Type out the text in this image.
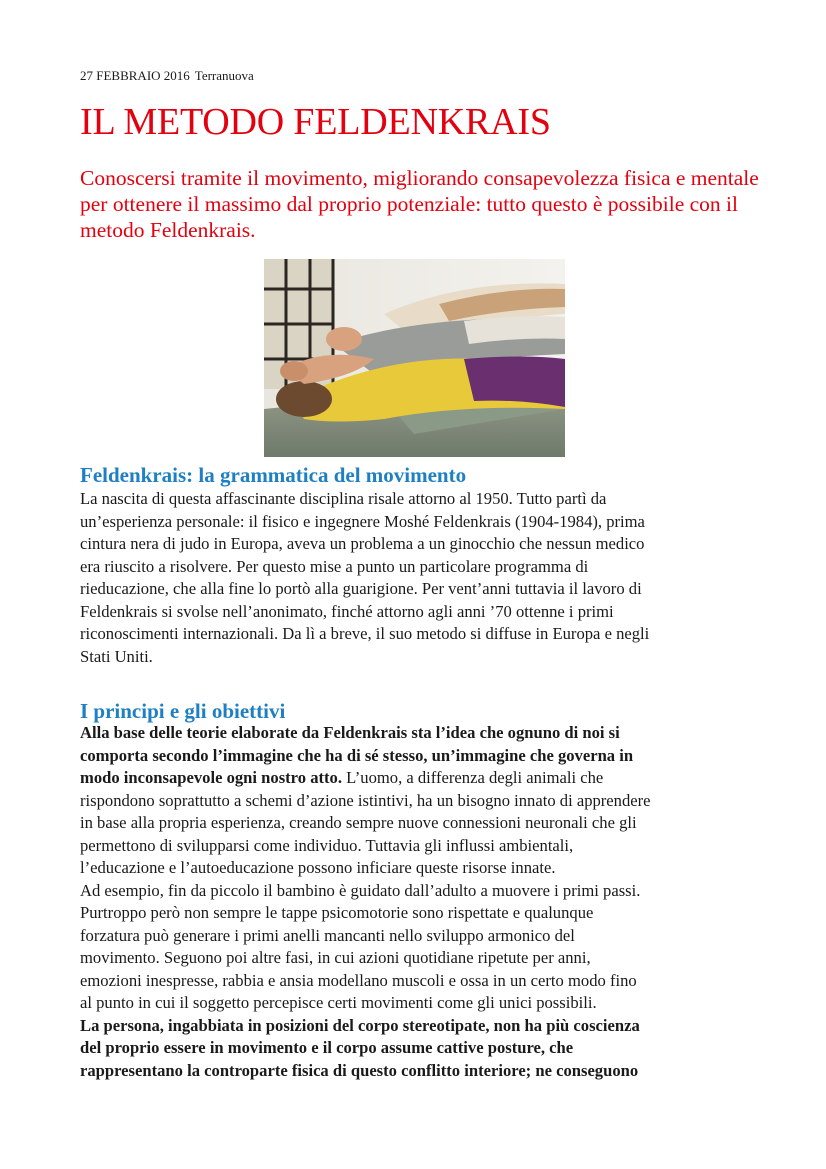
27 FEBBRAIO 2016 Terranuova
IL METODO FELDENKRAIS

Conoscersi tramite il movimento, migliorando consapevolezza fisica e mentale per ottenere il massimo dal proprio potenziale: tutto questo è possibile con il metodo Feldenkrais.

Feldenkrais: la grammatica del movimento
La nascita di questa affascinante disciplina risale attorno al 1950. Tutto partì da
un’esperienza personale: il fisico e ingegnere Moshé Feldenkrais (1904-1984), prima
cintura nera di judo in Europa, aveva un problema a un ginocchio che nessun medico
era riuscito a risolvere. Per questo mise a punto un particolare programma di
rieducazione, che alla fine lo portò alla guarigione. Per vent’anni tuttavia il lavoro di
Feldenkrais si svolse nell’anonimato, finché attorno agli anni ’70 ottenne i primi
riconoscimenti internazionali. Da lì a breve, il suo metodo si diffuse in Europa e negli
Stati Uniti.
I principi e gli obiettivi
Alla base delle teorie elaborate da Feldenkrais sta l’idea che ognuno di noi si
comporta secondo l’immagine che ha di sé stesso, un’immagine che governa in
modo inconsapevole ogni nostro atto. L’uomo, a differenza degli animali che
rispondono soprattutto a schemi d’azione istintivi, ha un bisogno innato di apprendere
in base alla propria esperienza, creando sempre nuove connessioni neuronali che gli
permettono di svilupparsi come individuo. Tuttavia gli influssi ambientali,
l’educazione e l’autoeducazione possono inficiare queste risorse innate.
Ad esempio, fin da piccolo il bambino è guidato dall’adulto a muovere i primi passi.
Purtroppo però non sempre le tappe psicomotorie sono rispettate e qualunque
forzatura può generare i primi anelli mancanti nello sviluppo armonico del
movimento. Seguono poi altre fasi, in cui azioni quotidiane ripetute per anni,
emozioni inespresse, rabbia e ansia modellano muscoli e ossa in un certo modo fino
al punto in cui il soggetto percepisce certi movimenti come gli unici possibili.
La persona, ingabbiata in posizioni del corpo stereotipate, non ha più coscienza
del proprio essere in movimento e il corpo assume cattive posture, che
rappresentano la controparte fisica di questo conflitto interiore; ne conseguono
